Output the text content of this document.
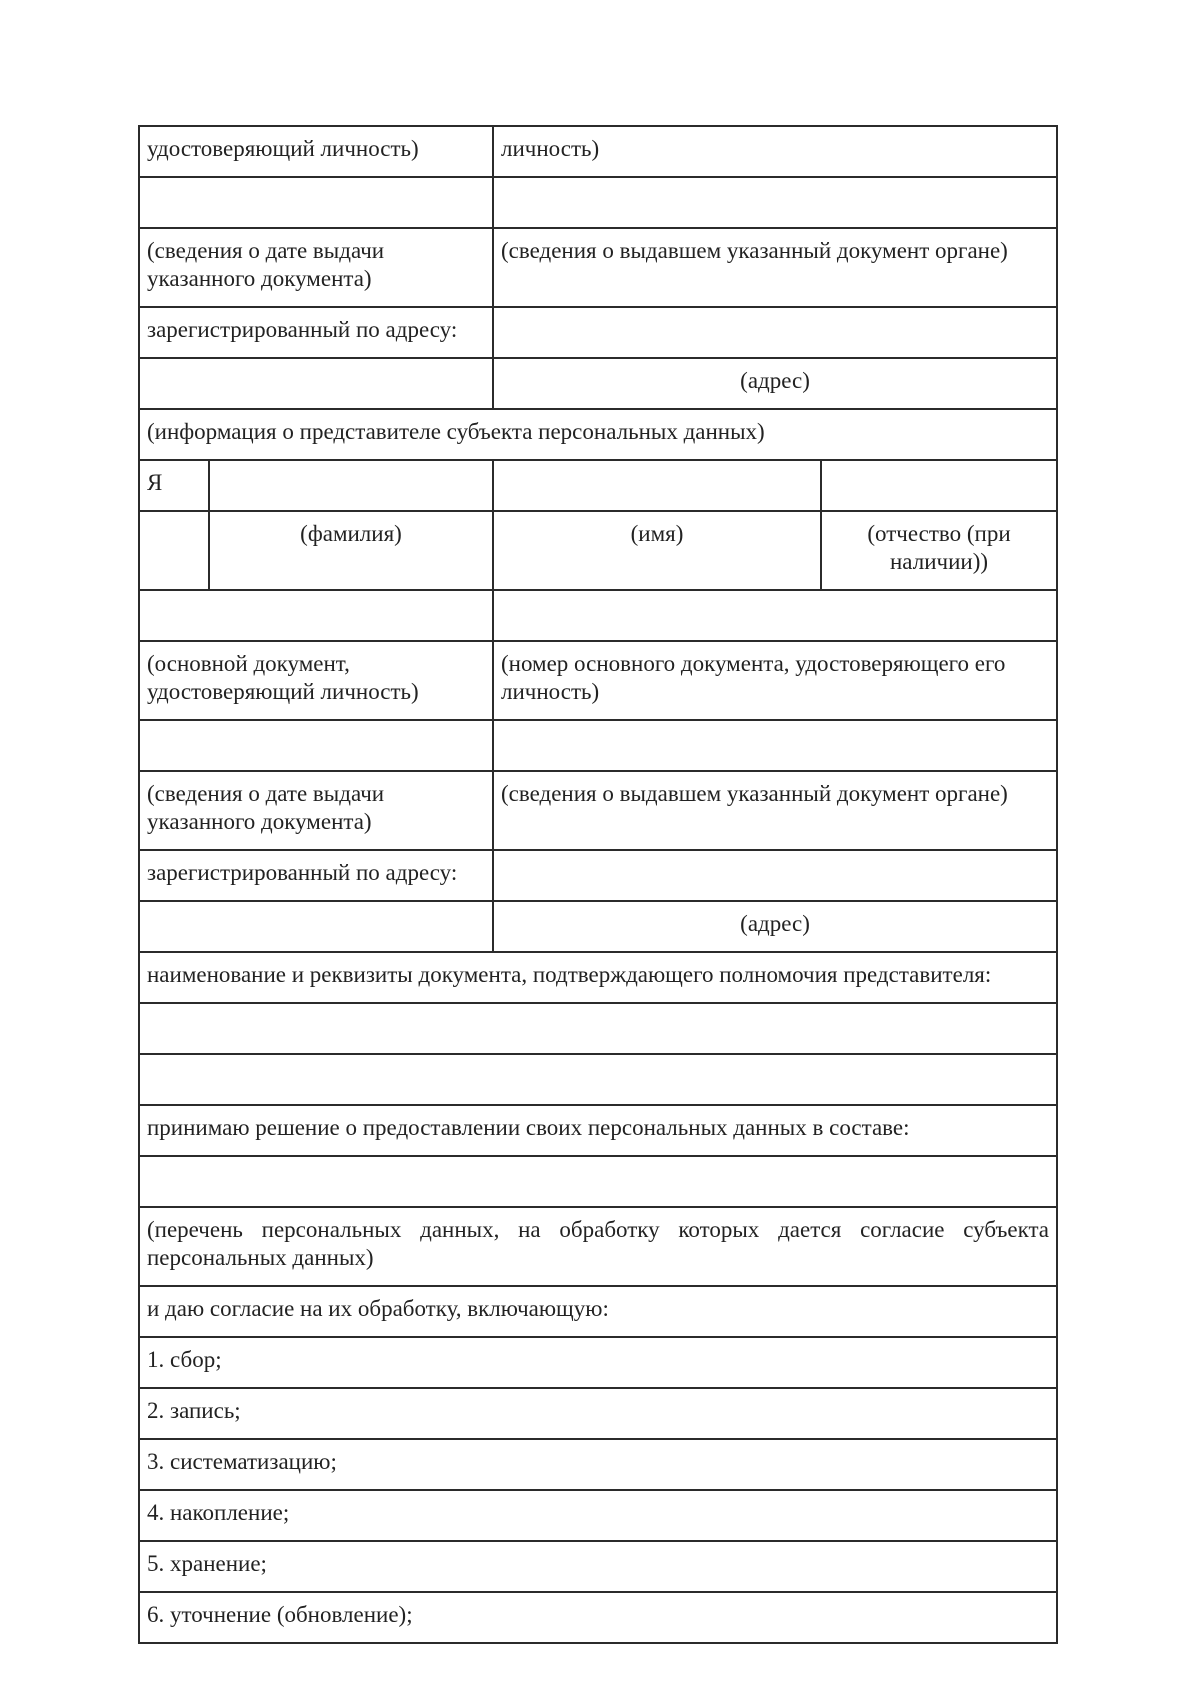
удостоверяющий личность)		личность)	

(сведения о дате выдачи указанного документа)		(сведения о выдавшем указанный документ органе)	
зарегистрированный по адресу:			
		(адрес)	
(информация о представителе субъекта персональных данных)			
Я			
	(фамилия)	(имя)	(отчество (при наличии))

(основной документ, удостоверяющий личность)		(номер основного документа, удостоверяющего его личность)	

(сведения о дате выдачи указанного документа)		(сведения о выдавшем указанный документ органе)	
зарегистрированный по адресу:			
		(адрес)	
наименование и реквизиты документа, подтверждающего полномочия представителя:			

принимаю решение о предоставлении своих персональных данных в составе:			

(перечень персональных данных, на обработку которых дается согласие субъекта персональных данных)			
и даю согласие на их обработку, включающую:			
1. сбор;			
2. запись;			
3. систематизацию;			
4. накопление;			
5. хранение;			
6. уточнение (обновление);			
